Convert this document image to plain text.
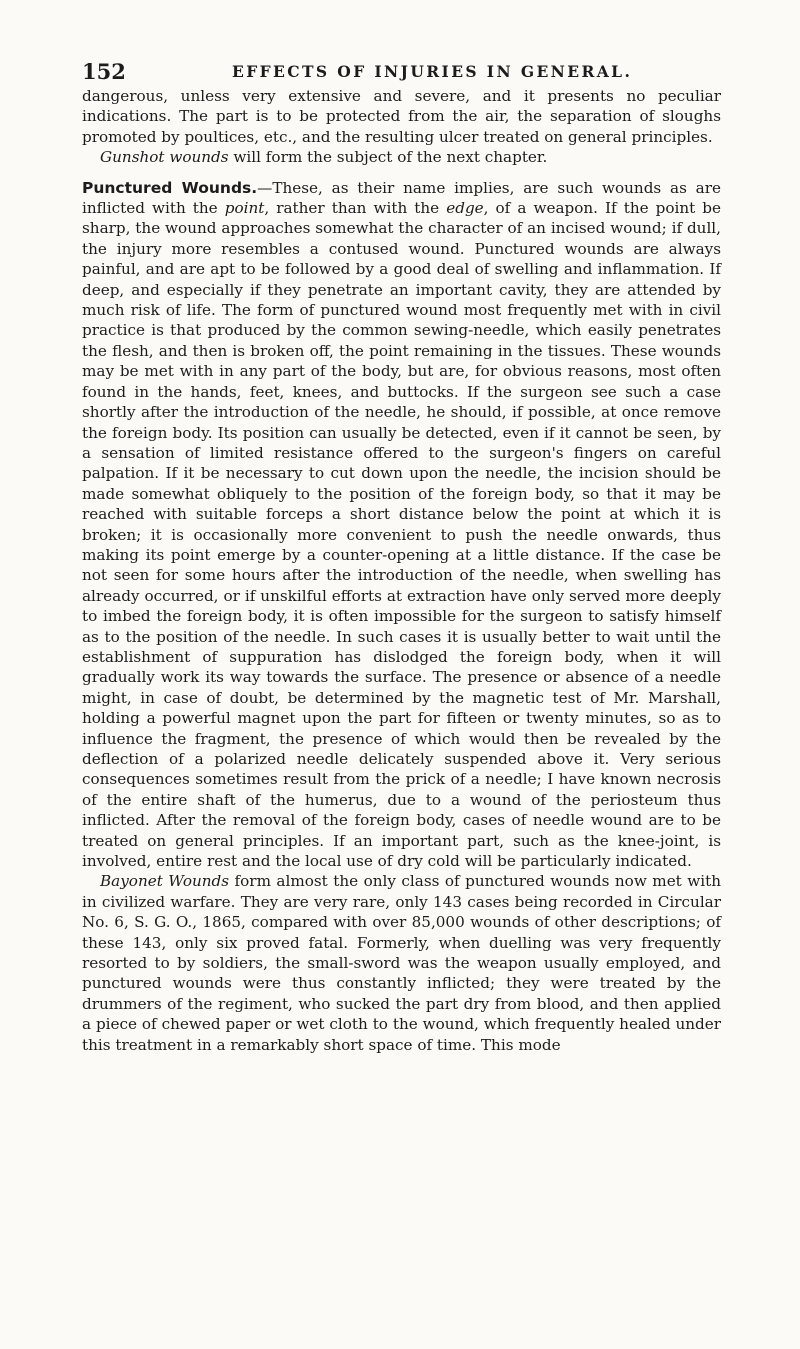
152	EFFECTS OF INJURIES IN GENERAL.

dangerous, unless very extensive and severe, and it presents no peculiar indications. The part is to be protected from the air, the separation of sloughs promoted by poultices, etc., and the resulting ulcer treated on general principles.

Gunshot wounds will form the subject of the next chapter.

Punctured Wounds.—These, as their name implies, are such wounds as are inflicted with the point, rather than with the edge, of a weapon. If the point be sharp, the wound approaches somewhat the character of an incised wound; if dull, the injury more resembles a contused wound. Punctured wounds are always painful, and are apt to be followed by a good deal of swelling and inflammation. If deep, and especially if they penetrate an important cavity, they are attended by much risk of life. The form of punctured wound most frequently met with in civil practice is that produced by the common sewing-needle, which easily penetrates the flesh, and then is broken off, the point remaining in the tissues. These wounds may be met with in any part of the body, but are, for obvious reasons, most often found in the hands, feet, knees, and buttocks. If the surgeon see such a case shortly after the introduction of the needle, he should, if possible, at once remove the foreign body. Its position can usually be detected, even if it cannot be seen, by a sensation of limited resistance offered to the surgeon's fingers on careful palpation. If it be necessary to cut down upon the needle, the incision should be made somewhat obliquely to the position of the foreign body, so that it may be reached with suitable forceps a short distance below the point at which it is broken; it is occasionally more convenient to push the needle onwards, thus making its point emerge by a counter-opening at a little distance. If the case be not seen for some hours after the introduction of the needle, when swelling has already occurred, or if unskilful efforts at extraction have only served more deeply to imbed the foreign body, it is often impossible for the surgeon to satisfy himself as to the position of the needle. In such cases it is usually better to wait until the establishment of suppuration has dislodged the foreign body, when it will gradually work its way towards the surface. The presence or absence of a needle might, in case of doubt, be determined by the magnetic test of Mr. Marshall, holding a powerful magnet upon the part for fifteen or twenty minutes, so as to influence the fragment, the presence of which would then be revealed by the deflection of a polarized needle delicately suspended above it. Very serious consequences sometimes result from the prick of a needle; I have known necrosis of the entire shaft of the humerus, due to a wound of the periosteum thus inflicted. After the removal of the foreign body, cases of needle wound are to be treated on general principles. If an important part, such as the knee-joint, is involved, entire rest and the local use of dry cold will be particularly indicated.

Bayonet Wounds form almost the only class of punctured wounds now met with in civilized warfare. They are very rare, only 143 cases being recorded in Circular No. 6, S. G. O., 1865, compared with over 85,000 wounds of other descriptions; of these 143, only six proved fatal. Formerly, when duelling was very frequently resorted to by soldiers, the small-sword was the weapon usually employed, and punctured wounds were thus constantly inflicted; they were treated by the drummers of the regiment, who sucked the part dry from blood, and then applied a piece of chewed paper or wet cloth to the wound, which frequently healed under this treatment in a remarkably short space of time. This mode
